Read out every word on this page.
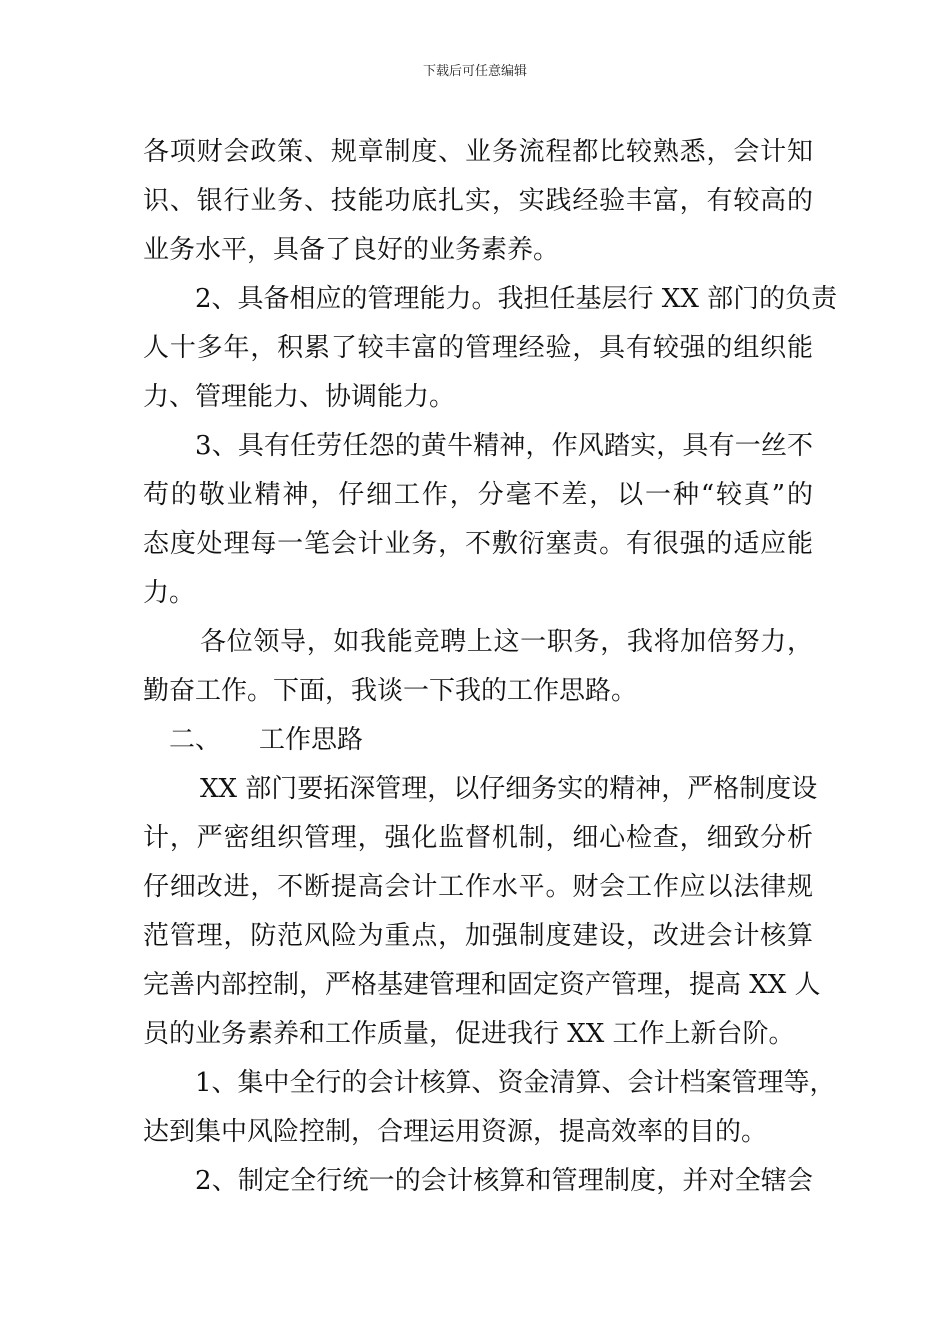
下载后可任意编辑
各项财会政策、规章制度、业务流程都比较熟悉，会计知
识、银行业务、技能功底扎实，实践经验丰富，有较高的
业务水平，具备了良好的业务素养。
2、具备相应的管理能力。我担任基层行 XX 部门的负责
人十多年，积累了较丰富的管理经验，具有较强的组织能
力、管理能力、协调能力。
3、具有任劳任怨的黄牛精神，作风踏实，具有一丝不
苟的敬业精神，仔细工作，分毫不差，以一种“较真”的
态度处理每一笔会计业务，不敷衍塞责。有很强的适应能
力。
各位领导，如我能竞聘上这一职务，我将加倍努力，
勤奋工作。下面，我谈一下我的工作思路。
二、 工作思路
XX 部门要拓深管理，以仔细务实的精神，严格制度设
计，严密组织管理，强化监督机制，细心检查，细致分析
仔细改进，不断提高会计工作水平。财会工作应以法律规
范管理，防范风险为重点，加强制度建设，改进会计核算
完善内部控制，严格基建管理和固定资产管理，提高 XX 人
员的业务素养和工作质量，促进我行 XX 工作上新台阶。
1、集中全行的会计核算、资金清算、会计档案管理等，
达到集中风险控制，合理运用资源，提高效率的目的。
2、制定全行统一的会计核算和管理制度，并对全辖会
